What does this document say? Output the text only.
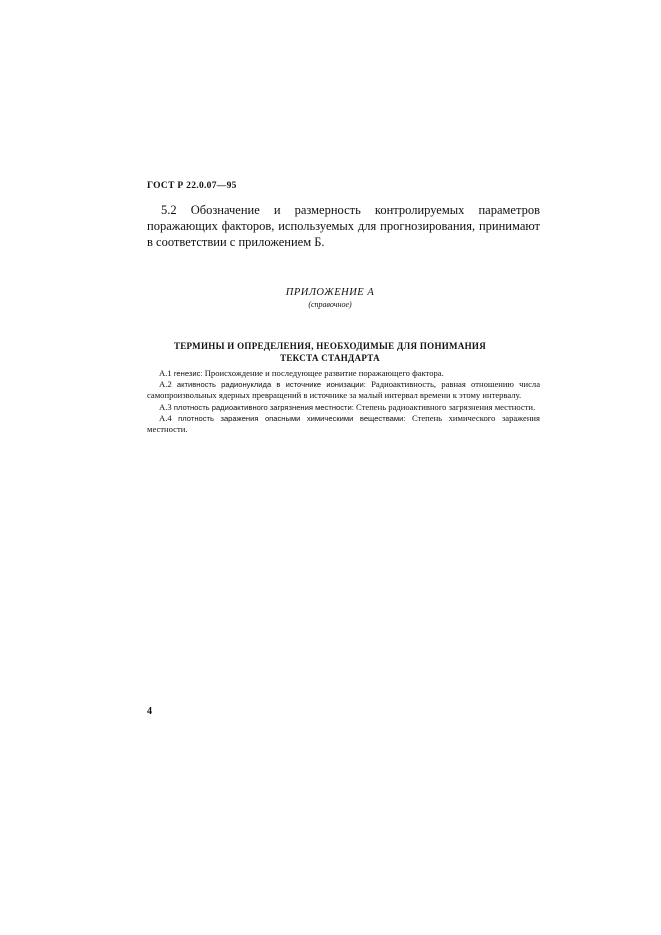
ГОСТ Р 22.0.07—95
5.2 Обозначение и размерность контролируемых параметров поражающих факторов, используемых для прогнозирования, принимают в соответствии с приложением Б.
ПРИЛОЖЕНИЕ А
(справочное)
ТЕРМИНЫ И ОПРЕДЕЛЕНИЯ, НЕОБХОДИМЫЕ ДЛЯ ПОНИМАНИЯ
ТЕКСТА СТАНДАРТА

А.1 генезис: Происхождение и последующее развитие поражающего фактора.

А.2 активность радионуклида в источнике ионизации: Радиоактивность, равная отношению числа самопроизвольных ядерных превращений в источнике за малый интервал времени к этому интервалу.

А.3 плотность радиоактивного загрязнения местности: Степень радиоактивного загрязнения местности.

А.4 плотность заражения опасными химическими веществами: Степень химического заражения местности.

4
